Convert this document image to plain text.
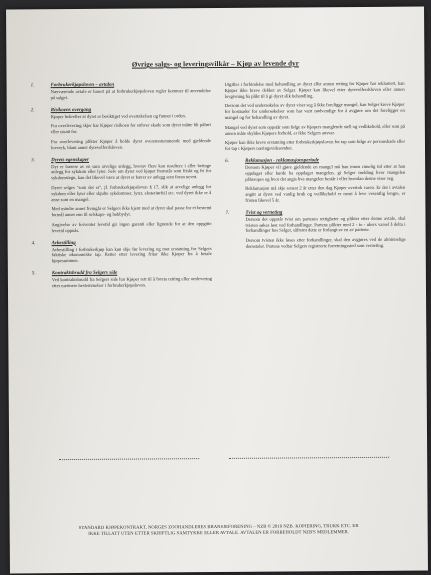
Øvrige salgs- og leveringsvilkår – Kjøp av levende dyr
1.	Forbrukerkjøpsloven – avtalen

Nærværende avtale er basert på at forbrukerkjøpsloven regler kommer til anvendelse på salget.

2.	Risikoens overgang

Kjøper bekrefter at dyret er besiktiget ved overtakelsen og funnet i orden.

Fra overlevering skjer har Kjøper risikoen for enhver skade som dyret måtte bli påført eller utsatt for.

Fra overlevering plikter Kjøper å holde dyret overensstemmende med gjeldende lovverk, blant annet dyrevelferdsloven.

3.	Dyrets egenskaper

Dyr er bærere av en sum arvelige anlegg, hvorav flere kan resultere i eller betinge anlegg for sykdom eller lyter. Selv om dyret ved kjøpet fremstår som friskt og fri for sykdomstegn, kan det likevel være at dyret er bærer av anlegg som foran nevnt.

Dyret selges "som det er", jf. forbrukerkjøpsloven § 17, slik at arvelige anlegg for sykdom eller lyter eller skjulte sykdommer, lyter, eksteriørfeil etc. ved dyret ikke er å anse som en mangel.

Med mindre annet fremgår er Selgers ikke kjent med at dyret skal passe for et bestemt formål annet enn til selskaps- og hobbydyr.

Angivelse av forventet levetid gir ingen garanti eller lignende for at den oppgitte levetid oppnås.

4.	Avbestilling

Avbestilling i forbrukerkjøp kan kun skje før levering og mot erstatning for Selgers faktiske økonomiske tap. Retter etter levering fritar ikke Kjøper fra å betale kjøpesummen.

5.	Kontraktsbrudd fra Selgers side

Ved kontraktsbrudd fra Selgers side har Kjøper rett til å foreta retting eller omlevering etter nærmere bestemmelser i forbrukerkjøpsloven.

Utgifter i forbindelse med behandling av dyret eller annen retting for Kjøper har reklamert, kan Kjøper ikke kreve dekket av Selger. Kjøper kan likevel etter dyrevelferdsloven eller annen lovgivning ha plikt til å gi dyret slik behandling.

Dersom det ved undersøkelse av dyret viser seg å ikke foreligge mangel, kan Selger kreve Kjøper for kostnader for undersøkelser som har vært nødvendige for å avgjøre om det foreligger en mangel og for behandling av dyret.

Mangel ved dyret som oppstår som følge av Kjøpers manglende stell og vedlikehold, eller som på annen måte skyldes Kjøpers forhold, er ikke Selgers ansvar.

Kjøper kan ikke kreve erstatning etter forbrukerkjøpsloven for tap som følge av personskade eller for tap i Kjøpers næringsvirksomhet.

6.	Reklamasjon - reklamasjonsperiode

Dersom Kjøper vil gjøre gjeldende en mangel må han innen rimelig tid etter at han oppdaget eller burde ha oppdaget mangelen, gi Selger melding hvor mangelen påberopes og hvor det angis hva mangelen består i eller hvordan denne viser seg.

Reklamasjon må skje senest 2 år etter den dag Kjøper overtok varen. Er det i avtalen angitt at dyret ved vanlig bruk og vedlikehold er ment å leve vesentlig lengre, er fristen likevel 5 år.

7.	Tvist og verneting

Dersom det oppstår tvist om partenes rettigheter og plikter etter denne avtale, skal tvisten søkes løst ved forhandlinger. Partene plikter med 2 - to - ukers varsel å delta i forhandlinger hos Selger, såfremt dette er forlangt av en av partene.

Dersom tvisten ikke løses etter forhandlinger, skal den avgjøres ved de alminnelige domstoler. Partene vedtar Selgers registrerte forretningssted som verneting.

STANDARD KJØPEKONTRAKT, NORGES ZOOHANDLERES BRANSJEFORENING – NZB © 2010 NZB. KOPIERING, TRUKK ETC. ER
IKKE TILLATT UTEN ETTER SKRIFTLIG SAMTYKKE ELLER AVTALE. AVTALEN ER FORBEHOLDT NZB'S MEDLEMMER.
